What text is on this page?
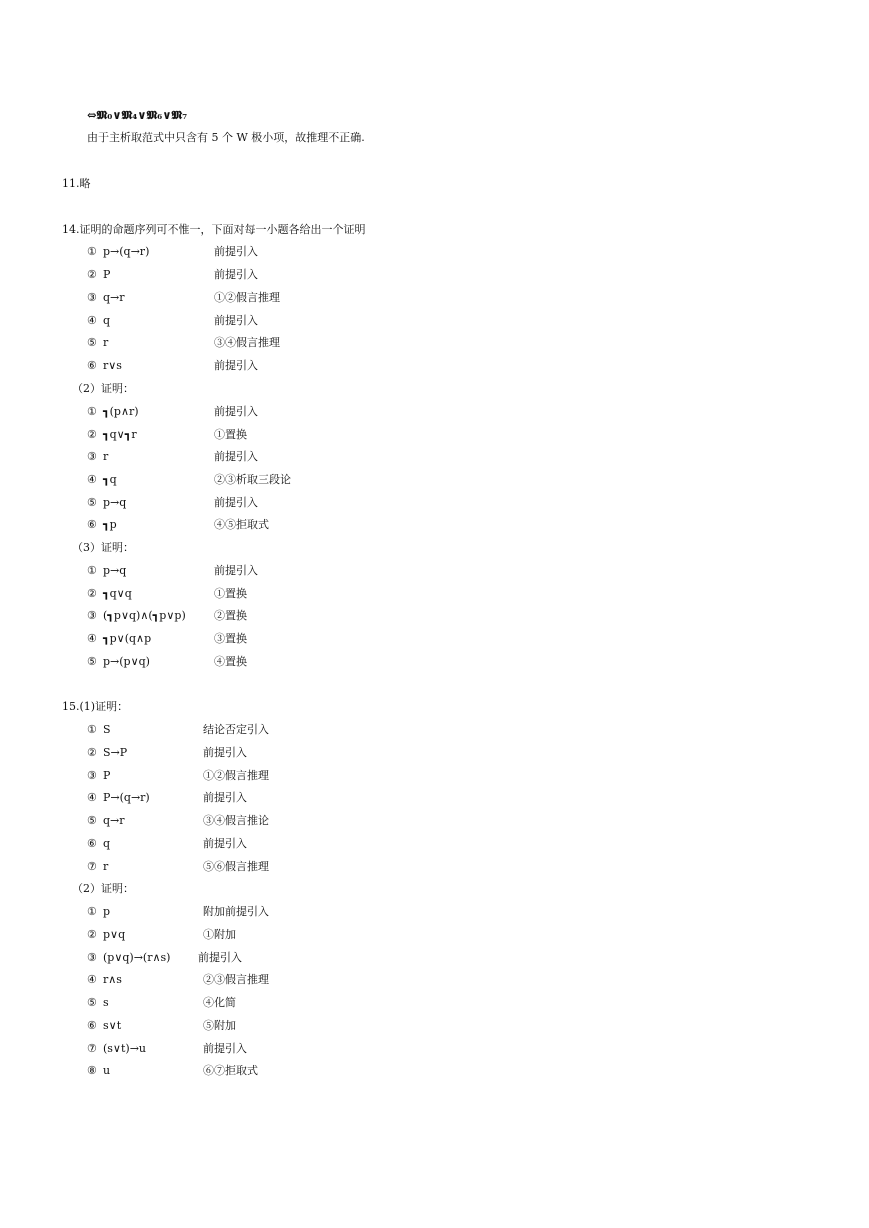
⇔𝕸₀∨𝕸₄∨𝕸₆∨𝕸₇
由于主析取范式中只含有 5 个 W 极小项，故推理不正确.
11.略
14.证明的命题序列可不惟一，下面对每一小题各给出一个证明
① p→(q→r)	前提引入
② P	前提引入
③ q→r	①②假言推理
④ q	前提引入
⑤ r	③④假言推理
⑥ r∨s	前提引入
（2）证明：
① ┓(p∧r)	前提引入
② ┓q∨┓r	①置换
③ r	前提引入
④ ┓q	②③析取三段论
⑤ p→q	前提引入
⑥ ┓p	④⑤拒取式
（3）证明：
① p→q	前提引入
② ┓q∨q	①置换
③ (┓p∨q)∧(┓p∨p)	②置换
④ ┓p∨(q∧p	③置换
⑤ p→(p∨q)	④置换
15.(1)证明：
① S	结论否定引入
② S→P	前提引入
③ P	①②假言推理
④ P→(q→r)	前提引入
⑤ q→r	③④假言推论
⑥ q	前提引入
⑦ r	⑤⑥假言推理
（2）证明：
① p	附加前提引入
② p∨q	①附加
③ (p∨q)→(r∧s)	前提引入
④ r∧s	②③假言推理
⑤ s	④化简
⑥ s∨t	⑤附加
⑦ (s∨t)→u	前提引入
⑧ u	⑥⑦拒取式
